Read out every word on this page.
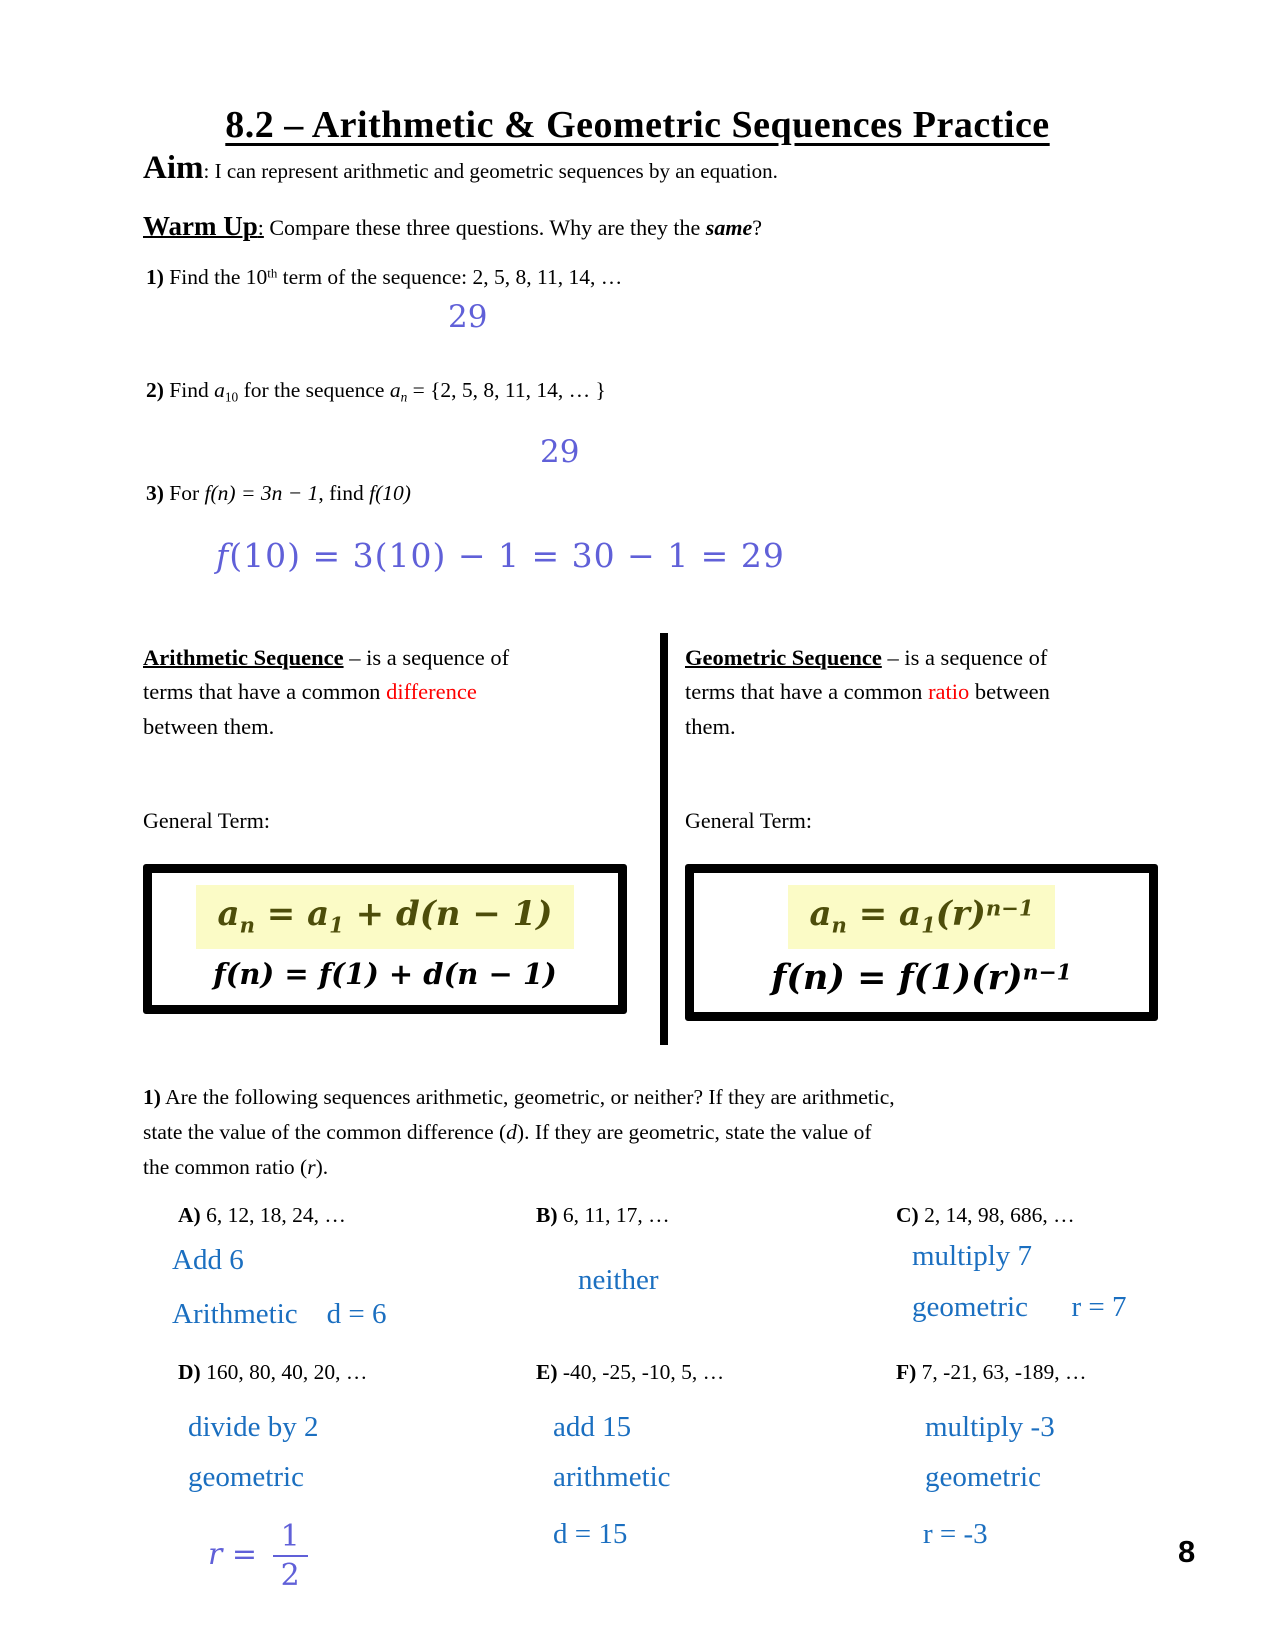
8.2 – Arithmetic & Geometric Sequences Practice
Aim: I can represent arithmetic and geometric sequences by an equation.
Warm Up: Compare these three questions. Why are they the same?
1) Find the 10th term of the sequence: 2, 5, 8, 11, 14, …
29
2) Find $a_{10}$ for the sequence $a_n = \{2$, 5, 8, 11, 14, … }
29
3) For f(n) = 3n − 1, find f(10)
f(10) = 3(10) − 1 = 30 − 1 = 29
Arithmetic Sequence – is a sequence of
terms that have a common difference
between them.
General Term:
$a_n = a_1 + d(n - 1)$
f(n) = f(1) + d(n − 1)
Geometric Sequence – is a sequence of
terms that have a common ratio between
them.
General Term:
$a_n = a_1(r)^{n-1}$
$f(n) = f(1)(r)^{n-1}$
1) Are the following sequences arithmetic, geometric, or neither? If they are arithmetic,
state the value of the common difference (d). If they are geometric, state the value of
the common ratio (r).
A) 6, 12, 18, 24, …
Add 6
Arithmetic    d = 6
B) 6, 11, 17, …
neither
C) 2, 14, 98, 686, …
multiply 7
geometric      r = 7
D) 160, 80, 40, 20, …
divide by 2
geometric
$r = \frac{1}{2}$
E) -40, -25, -10, 5, …
add 15
arithmetic
d = 15
F) 7, -21, 63, -189, …
multiply -3
geometric
r = -3	8
